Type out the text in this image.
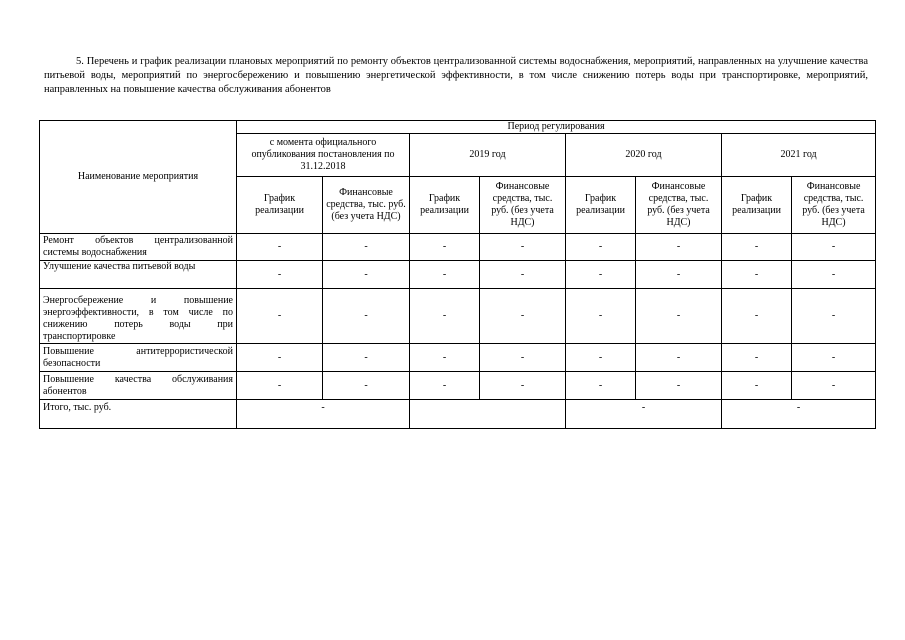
5. Перечень и график реализации плановых мероприятий по ремонту объектов централизованной системы водоснабжения, мероприятий, направленных на улучшение качества питьевой воды, мероприятий по энергосбережению и повышению энергетической эффективности, в том числе снижению потерь воды при транспортировке, мероприятий, направленных на повышение качества обслуживания абонентов

Наименование мероприятия	Период регулирования							
	с момента официального опубликования постановления по 31.12.2018		2019 год		2020 год		2021 год	
	График реализации	Финансовые средства, тыс. руб. (без учета НДС)	График реализации	Финансовые средства, тыс. руб. (без учета НДС)	График реализации	Финансовые средства, тыс. руб. (без учета НДС)	График реализации	Финансовые средства, тыс. руб. (без учета НДС)
Ремонт объектов централизованной системы водоснабжения	-	-	-	-	-	-	-	-
Улучшение качества питьевой воды	-	-	-	-	-	-	-	-
Энергосбережение и повышение энергоэффективности, в том числе по снижению потерь воды при транспортировке	-	-	-	-	-	-	-	-
Повышение антитеррористической безопасности	-	-	-	-	-	-	-	-
Повышение качества обслуживания абонентов	-	-	-	-	-	-	-	-
Итого, тыс. руб.	-				-		-	
